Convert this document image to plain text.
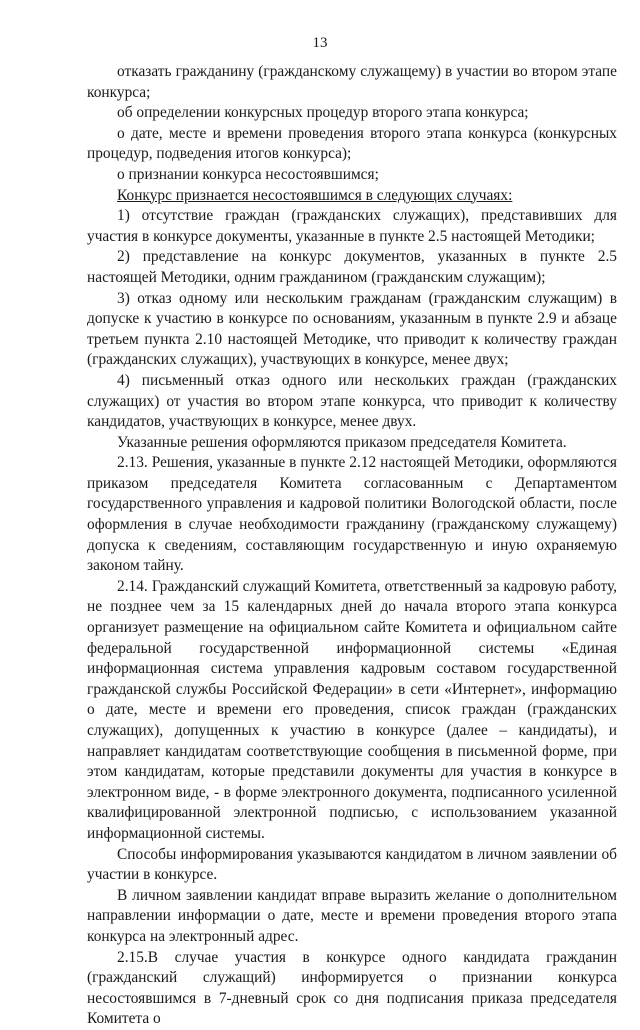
13

отказать гражданину (гражданскому служащему) в участии во втором этапе конкурса;

об определении конкурсных процедур второго этапа конкурса;

о дате, месте и времени проведения второго этапа конкурса (конкурсных процедур, подведения итогов конкурса);

о признании конкурса несостоявшимся;

Конкурс признается несостоявшимся в следующих случаях:

1) отсутствие граждан (гражданских служащих), представивших для участия в конкурсе документы, указанные в пункте 2.5 настоящей Методики;

2) представление на конкурс документов, указанных в пункте 2.5 настоящей Методики, одним гражданином (гражданским служащим);

3) отказ одному или нескольким гражданам (гражданским служащим) в допуске к участию в конкурсе по основаниям, указанным в пункте 2.9 и абзаце третьем пункта 2.10 настоящей Методике, что приводит к количеству граждан (гражданских служащих), участвующих в конкурсе, менее двух;

4) письменный отказ одного или нескольких граждан (гражданских служащих) от участия во втором этапе конкурса, что приводит к количеству кандидатов, участвующих в конкурсе, менее двух.

Указанные решения оформляются приказом председателя Комитета.

2.13. Решения, указанные в пункте 2.12 настоящей Методики, оформляются приказом председателя Комитета согласованным с Департаментом государственного управления и кадровой политики Вологодской области, после оформления в случае необходимости гражданину (гражданскому служащему) допуска к сведениям, составляющим государственную и иную охраняемую законом тайну.

2.14. Гражданский служащий Комитета, ответственный за кадровую работу, не позднее чем за 15 календарных дней до начала второго этапа конкурса организует размещение на официальном сайте Комитета и официальном сайте федеральной государственной информационной системы «Единая информационная система управления кадровым составом государственной гражданской службы Российской Федерации» в сети «Интернет», информацию о дате, месте и времени его проведения, список граждан (гражданских служащих), допущенных к участию в конкурсе (далее – кандидаты), и направляет кандидатам соответствующие сообщения в письменной форме, при этом кандидатам, которые представили документы для участия в конкурсе в электронном виде, - в форме электронного документа, подписанного усиленной квалифицированной электронной подписью, с использованием указанной информационной системы.

Способы информирования указываются кандидатом в личном заявлении об участии в конкурсе.

В личном заявлении кандидат вправе выразить желание о дополнительном направлении информации о дате, месте и времени проведения второго этапа конкурса на электронный адрес.

2.15.В случае участия в конкурсе одного кандидата гражданин (гражданский служащий) информируется о признании конкурса несостоявшимся в 7-дневный срок со дня подписания приказа председателя Комитета о
